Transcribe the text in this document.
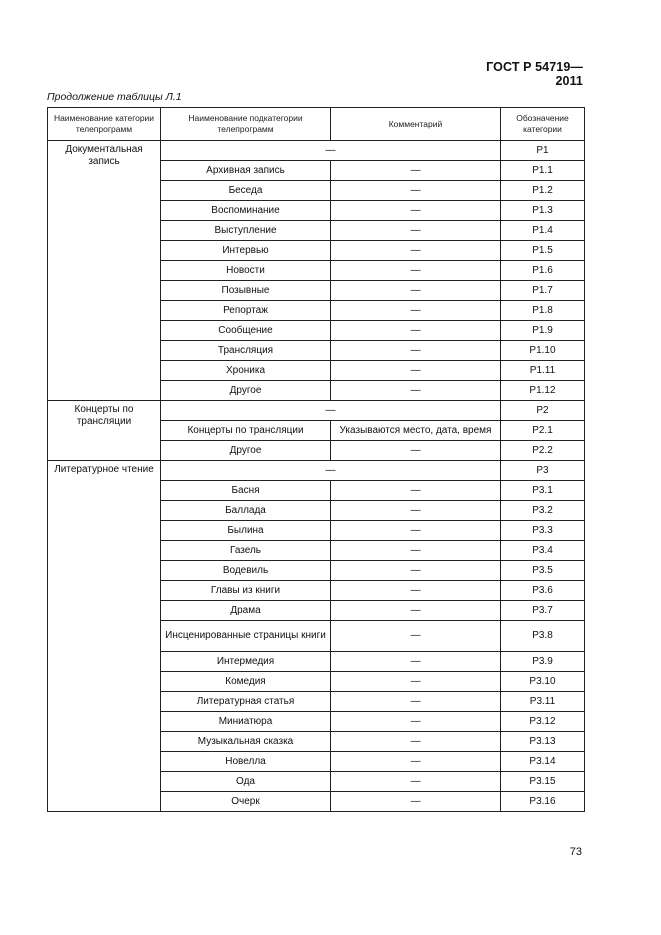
ГОСТ Р 54719—2011
Продолжение таблицы Л.1
Наименование категории телепрограмм	Наименование подкатегории телепрограмм	Комментарий	Обозначение категории
Документальная запись	—		P1
	Архивная запись	—	P1.1
	Беседа	—	P1.2
	Воспоминание	—	P1.3
	Выступление	—	P1.4
	Интервью	—	P1.5
	Новости	—	P1.6
	Позывные	—	P1.7
	Репортаж	—	P1.8
	Сообщение	—	P1.9
	Трансляция	—	P1.10
	Хроника	—	P1.11
	Другое	—	P1.12
Концерты по трансляции	—		P2
	Концерты по трансляции	Указываются место, дата, время	P2.1
	Другое	—	P2.2
Литературное чтение	—		P3
	Басня	—	P3.1
	Баллада	—	P3.2
	Былина	—	P3.3
	Газель	—	P3.4
	Водевиль	—	P3.5
	Главы из книги	—	P3.6
	Драма	—	P3.7
	Инсценированные страницы книги	—	P3.8
	Интермедия	—	P3.9
	Комедия	—	P3.10
	Литературная статья	—	P3.11
	Миниатюра	—	P3.12
	Музыкальная сказка	—	P3.13
	Новелла	—	P3.14
	Ода	—	P3.15
	Очерк	—	P3.16
73
